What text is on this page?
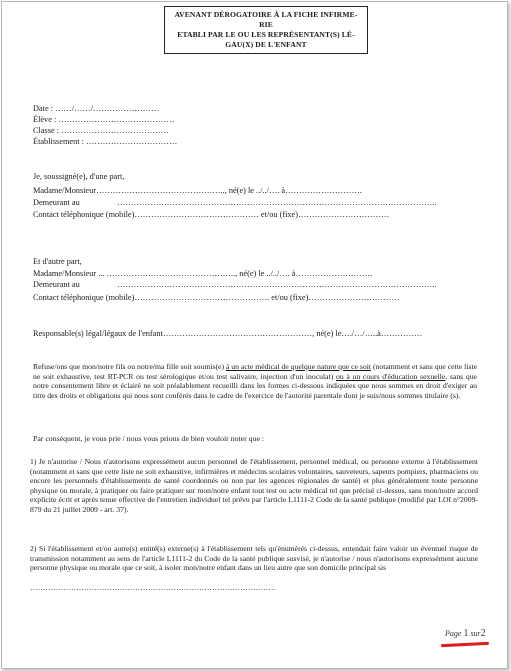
AVENANT DÉROGATOIRE À LA FICHE INFIRME-
RIE
ETABLI PAR LE OU LES REPRÉSENTANT(S) LÉ-
GAU(X) DE L'ENFANT
Date : ……/……/……………………
Élève : ……………………………………
Classe : …………………………………
Établissement : ……………………………
Je, soussigné(e), d'une part,
Madame/Monsieur……………………………………….., né(e) le ../../…. à……………………….
Demeurant au	……………………………………………………………………………………………………..
Contact téléphonique (mobile)……………………………………… et/ou (fixe)……………………………
Et d'autre part,
Madame/Monsieur ... ……………………………………….., né(e) le ../../…. à……………………….
Demeurant au	……………………………………………………………………………………………………..
Contact téléphonique (mobile)…………………………………………. et/ou (fixe)……………………………
Responsable(s) légal/légaux de l'enfant………………………………………………, né(e) le…./…/…..à……………
Refuse/ons que mon/notre fils ou notre/ma fille soit soumis(e) à un acte médical de quelque nature que ce soit (notamment et sans que cette liste ne soit exhaustive, test RT-PCR ou test sérologique et/ou test salivaire, injection d'un inoculat) ou à un cours d'éducation sexuelle, sans que notre consentement libre et éclairé ne soit préalablement recueilli dans les formes ci-dessous indiquées que nous sommes en droit d'exiger au titre des droits et obligations qui nous sont conférés dans le cadre de l'exercice de l'autorité parentale dont je suis/nous sommes titulaire (s).
Par conséquent, je vous prie / nous vous prions de bien vouloir noter que :
1) Je n'autorise / Nous n'autorisons expressément aucun personnel de l'établissement, personnel médical, ou personne externe à l'établissement (notamment et sans que cette liste ne soit exhaustive, infirmières et médecins scolaires volontaires, sauveteurs, sapeurs pompiers, pharmaciens ou encore les personnels d'établissements de santé coordonnés ou non par les agences régionales de santé) et plus généralement toute personne physique ou morale, à pratiquer ou faire pratiquer sur mon/notre enfant tout test ou acte médical tel que précisé ci-dessus, sans mon/notre accord explicite écrit et après tenue effective de l'entretien individuel tel prévu par l'article L1111-2 Code de la santé publique (modifié par LOI n°2009- 879 du 21 juillet 2009 - art. 37).
2) Si l'établissement et/ou autre(s) entité(s) externe(s) à l'établissement tels qu'énumérés ci-dessus, entendait faire valoir un éventuel risque de transmission notamment au sens de l'article L1111-2 du Code de la santé publique susvisé, je n'autorise / nous n'autorisons expressément aucune personne physique ou morale que ce soit, à isoler mon/notre enfant dans un lieu autre que son domicile principal sis
……………………………………………………………………………………
Page 1 sur2
